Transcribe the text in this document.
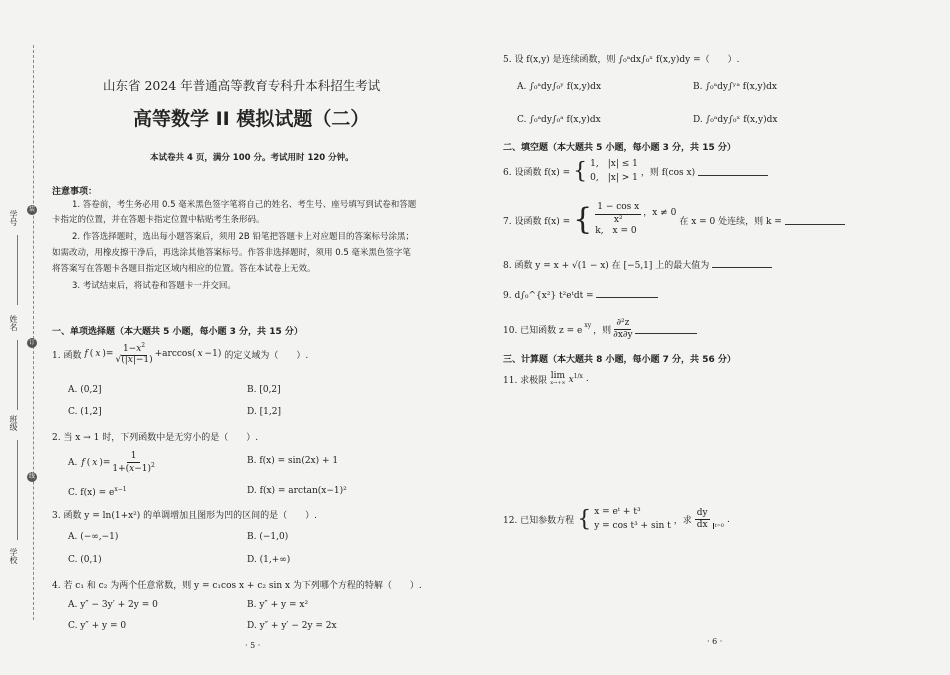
学号
姓名
班级
学校
装
订
线
山东省 2024 年普通高等教育专科升本科招生考试
高等数学 II 模拟试题（二）
本试卷共 4 页，满分 100 分。考试用时 120 分钟。
注意事项：
1. 答卷前，考生务必用 0.5 毫米黑色签字笔将自己的姓名、考生号、座号填写到试卷和答题
卡指定的位置，并在答题卡指定位置中粘贴考生条形码。
2. 作答选择题时，选出每小题答案后，须用 2B 铅笔把答题卡上对应题目的答案标号涂黑；
如需改动，用橡皮擦干净后，再选涂其他答案标号。作答非选择题时，须用 0.5 毫米黑色签字笔
将答案写在答题卡各题目指定区域内相应的位置。答在本试卷上无效。
3. 考试结束后，将试卷和答题卡一并交回。
一、单项选择题（本大题共 5 小题，每小题 3 分，共 15 分）
1. 函数 f ( x )=
$1-x^2$
√(|x|−1)
+arccos( x −1) 的定义域为（　　）.
A. (0,2]	B. [0,2]
C. (1,2]	D. [1,2]
2. 当 x → 1 时，下列函数中是无穷小的是（　　）.
A. f ( x )=
1
$1+(x-1)^2$	B. f(x) = sin(2x) + 1
C. $f(x) = e^{x-1}$	D. f(x) = arctan(x−1)²
3. 函数 y = ln(1+x²) 的单调增加且图形为凹的区间的是（　　）.
A. (−∞,−1)	B. (−1,0)
C. (0,1)	D. (1,+∞)
4. 若 c₁ 和 c₂ 为两个任意常数，则 y = c₁cos x + c₂ sin x 为下列哪个方程的特解（　　）.
A. y″ − 3y′ + 2y = 0	B. y″ + y = x²
C. y″ + y = 0	D. y″ + y′ − 2y = 2x
· 5 ·
5. 设 f(x,y) 是连续函数，则 ∫₀ᵃdx∫₀ˣ f(x,y)dy =（　　）.
A. ∫₀ᵃdy∫₀ʸ f(x,y)dx	B. ∫₀ᵃdy∫ʸᵃ f(x,y)dx
C. ∫₀ᵃdy∫₀ᵃ f(x,y)dx	D. ∫₀ᵃdy∫₀ˣ f(x,y)dx
二、填空题（本大题共 5 小题，每小题 3 分，共 15 分）
6. 设函数 f(x) = { 1,　|x| ≤ 1
0,　|x| > 1 ，则 f(cos x)
7. 设函数 f(x) = { $\frac{\text{1 − cos x}}{\text{x²}}$ ，x ≠ 0
k,　x = 0
在 x = 0 处连续，则 k =
8. 函数 y = x + √(1 − x) 在 [−5,1] 上的最大值为
9. d∫₀^{x²} t²eᵗdt =
10. 已知函数 z = e
$^{xy}$
，则 $\frac{\text{∂²z}}{\partial x\partial y}$
三、计算题（本大题共 8 小题，每小题 7 分，共 56 分）
11. 求极限 lim
x→+∞ $x^{1/x}$ .
12. 已知参数方程 { x = eᵗ + t³
y = cos t³ + sin t ，求 $\frac{dy}{dx}$	t=0
.
· 6 ·
